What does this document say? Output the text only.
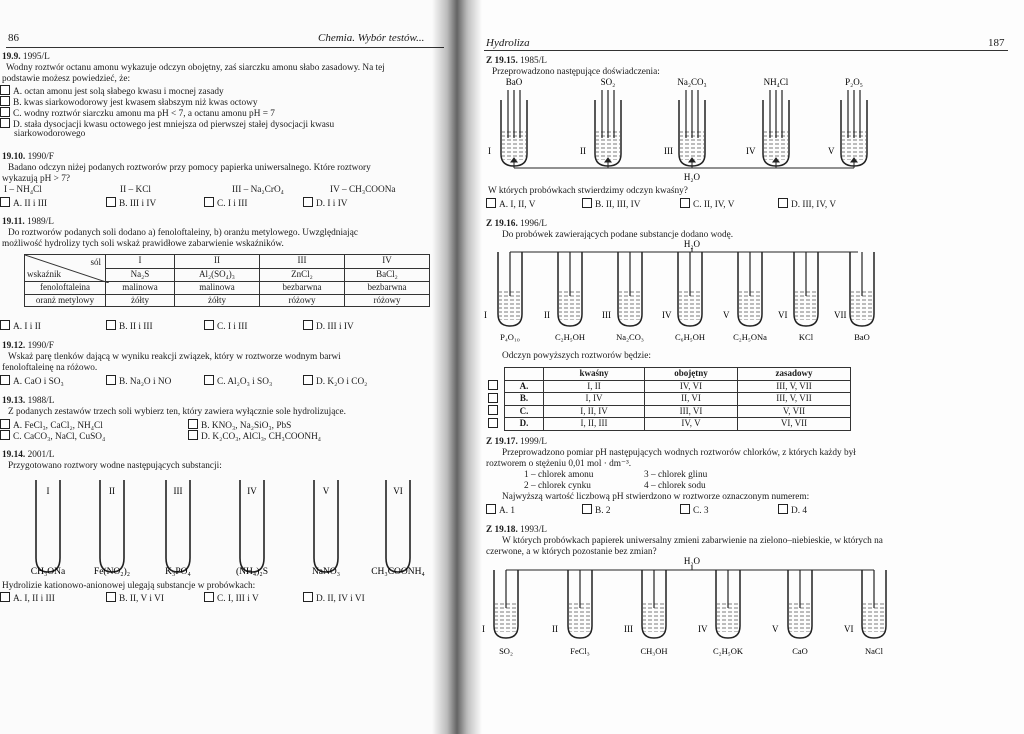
86	Chemia. Wybór testów...
19.9. 1995/L
Wodny roztwór octanu amonu wykazuje odczyn obojętny, zaś siarczku amonu słabo zasadowy. Na tej
podstawie możesz powiedzieć, że:
A. octan amonu jest solą słabego kwasu i mocnej zasady
B. kwas siarkowodorowy jest kwasem słabszym niż kwas octowy
C. wodny roztwór siarczku amonu ma pH < 7, a octanu amonu pH = 7
D. stała dysocjacji kwasu octowego jest mniejsza od pierwszej stałej dysocjacji kwasu
siarkowodorowego
19.10. 1990/F
Badano odczyn niżej podanych roztworów przy pomocy papierka uniwersalnego. Które roztwory
wykazują pH > 7?
I – NH₄Cl	II – KCl	III – Na₂CrO₄	IV – CH₃COONa
A. II i III	B. III i IV	C. I i III	D. I i IV
19.11. 1989/L
Do roztworów podanych soli dodano a) fenoloftaleiny, b) oranżu metylowego. Uwzględniając
możliwość hydrolizy tych soli wskaż prawidłowe zabarwienie wskaźników.
sól
wskaźnik	I	II	III	IV
	Na₂S	Al₂(SO₄)₃	ZnCl₂	BaCl₂
fenoloftaleina	malinowa	malinowa	bezbarwna	bezbarwna
oranż metylowy	żółty	żółty	różowy	różowy
A. I i II	B. II i III	C. I i III	D. III i IV
19.12. 1990/F
Wskaż parę tlenków dającą w wyniku reakcji związek, który w roztworze wodnym barwi
fenoloftaleinę na różowo.
A. CaO i SO₃	B. Na₂O i NO	C. Al₂O₃ i SO₃	D. K₂O i CO₂
19.13. 1988/L
Z podanych zestawów trzech soli wybierz ten, który zawiera wyłącznie sole hydrolizujące.
A. FeCl₃, CaCl₂, NH₄Cl	B. KNO₃, Na₂SiO₃, PbS
C. CaCO₃, NaCl, CuSO₄	D. K₂CO₃, AlCl₃, CH₃COONH₄
19.14. 2001/L
Przygotowano roztwory wodne następujących substancji:
I	II	III	IV	V	VI
CH₃ONa	Fe(NO₂)₂	K₃PO₄	(NH₄)₂S	NaNO₃	CH₃COONH₄
Hydrolizie kationowo-anionowej ulegają substancje w probówkach:
A. I, II i III	B. II, V i VI	C. I, III i V	D. II, IV i VI
Hydroliza	187
Z 19.15. 1985/L
Przeprowadzono następujące doświadczenia:
BaO	SO₂	Na₂CO₃	NH₄Cl	P₂O₅
I	II	III	IV	V
H₂O
W których probówkach stwierdzimy odczyn kwaśny?
A. I, II, V	B. II, III, IV	C. II, IV, V	D. III, IV, V
Z 19.16. 1996/L
Do probówek zawierających podane substancje dodano wodę.
H₂O
I	II	III	IV	V	VI	VII
P₄O₁₀	C₂H₅OH	Na₂CO₃	C₆H₅OH	C₂H₅ONa	KCl	BaO
Odczyn powyższych roztworów będzie:
		kwaśny	obojętny	zasadowy
	A.	I, II	IV, VI	III, V, VII
	B.	I, IV	II, VI	III, V, VII
	C.	I, II, IV	III, VI	V, VII
	D.	I, II, III	IV, V	VI, VII
Z 19.17. 1999/L
Przeprowadzono pomiar pH następujących wodnych roztworów chlorków, z których każdy był
roztworem o stężeniu 0,01 mol · dm⁻³.
1 – chlorek amonu	3 – chlorek glinu
2 – chlorek cynku	4 – chlorek sodu
Najwyższą wartość liczbową pH stwierdzono w roztworze oznaczonym numerem:
A. 1	B. 2	C. 3	D. 4
Z 19.18. 1993/L
W których probówkach papierek uniwersalny zmieni zabarwienie na zielono–niebieskie, w których na
czerwone, a w których pozostanie bez zmian?
H₂O
I	II	III	IV	V	VI
SO₂	FeCl₃	CH₃OH	C₂H₅OK	CaO	NaCl
